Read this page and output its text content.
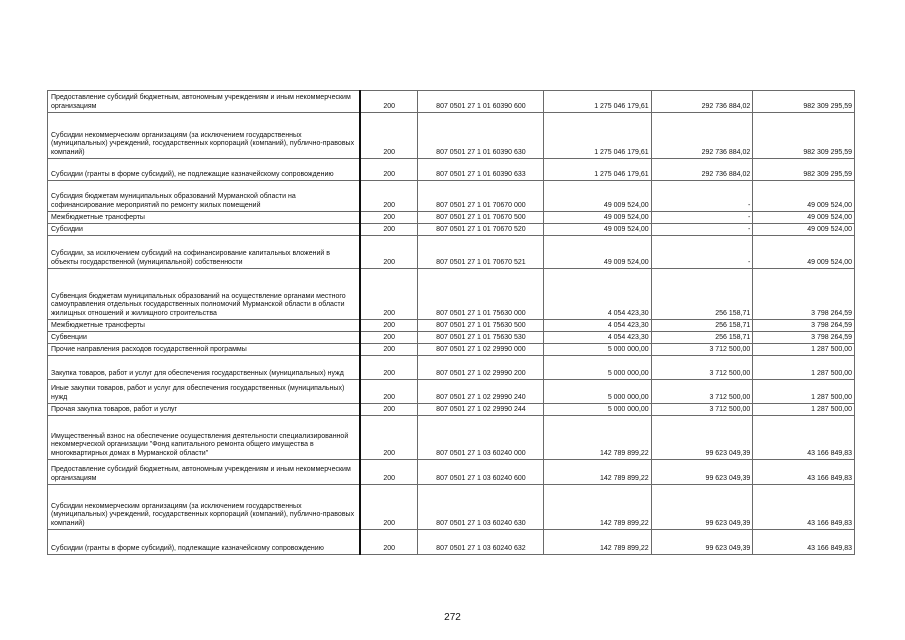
Предоставление субсидий бюджетным, автономным учреждениям и иным некоммерческим организациям	200	807 0501 27 1 01 60390 600	1 275 046 179,61	292 736 884,02	982 309 295,59
Субсидии некоммерческим организациям (за исключением государственных (муниципальных) учреждений, государственных корпораций (компаний), публично-правовых компаний)	200	807 0501 27 1 01 60390 630	1 275 046 179,61	292 736 884,02	982 309 295,59
Субсидии (гранты в форме субсидий), не подлежащие казначейскому сопровождению	200	807 0501 27 1 01 60390 633	1 275 046 179,61	292 736 884,02	982 309 295,59
Субсидия бюджетам муниципальных образований Мурманской области на софинансирование мероприятий по ремонту жилых помещений	200	807 0501 27 1 01 70670 000	49 009 524,00	-	49 009 524,00
Межбюджетные трансферты	200	807 0501 27 1 01 70670 500	49 009 524,00	-	49 009 524,00
Субсидии	200	807 0501 27 1 01 70670 520	49 009 524,00	-	49 009 524,00
Субсидии, за исключением субсидий на софинансирование капитальных вложений в объекты государственной (муниципальной) собственности	200	807 0501 27 1 01 70670 521	49 009 524,00	-	49 009 524,00
Субвенция бюджетам муниципальных образований на осуществление органами местного самоуправления отдельных государственных полномочий Мурманской области в области жилищных отношений и жилищного строительства	200	807 0501 27 1 01 75630 000	4 054 423,30	256 158,71	3 798 264,59
Межбюджетные трансферты	200	807 0501 27 1 01 75630 500	4 054 423,30	256 158,71	3 798 264,59
Субвенции	200	807 0501 27 1 01 75630 530	4 054 423,30	256 158,71	3 798 264,59
Прочие направления расходов государственной программы	200	807 0501 27 1 02 29990 000	5 000 000,00	3 712 500,00	1 287 500,00
Закупка товаров, работ и услуг для обеспечения государственных (муниципальных) нужд	200	807 0501 27 1 02 29990 200	5 000 000,00	3 712 500,00	1 287 500,00
Иные закупки товаров, работ и услуг для обеспечения государственных (муниципальных) нужд	200	807 0501 27 1 02 29990 240	5 000 000,00	3 712 500,00	1 287 500,00
Прочая закупка товаров, работ и услуг	200	807 0501 27 1 02 29990 244	5 000 000,00	3 712 500,00	1 287 500,00
Имущественный взнос на обеспечение осуществления деятельности специализированной некоммерческой организации "Фонд капитального ремонта общего имущества в многоквартирных домах в Мурманской области"	200	807 0501 27 1 03 60240 000	142 789 899,22	99 623 049,39	43 166 849,83
Предоставление субсидий бюджетным, автономным учреждениям и иным некоммерческим организациям	200	807 0501 27 1 03 60240 600	142 789 899,22	99 623 049,39	43 166 849,83
Субсидии некоммерческим организациям (за исключением государственных (муниципальных) учреждений, государственных корпораций (компаний), публично-правовых компаний)	200	807 0501 27 1 03 60240 630	142 789 899,22	99 623 049,39	43 166 849,83
Субсидии (гранты в форме субсидий), подлежащие казначейскому сопровождению	200	807 0501 27 1 03 60240 632	142 789 899,22	99 623 049,39	43 166 849,83
272
